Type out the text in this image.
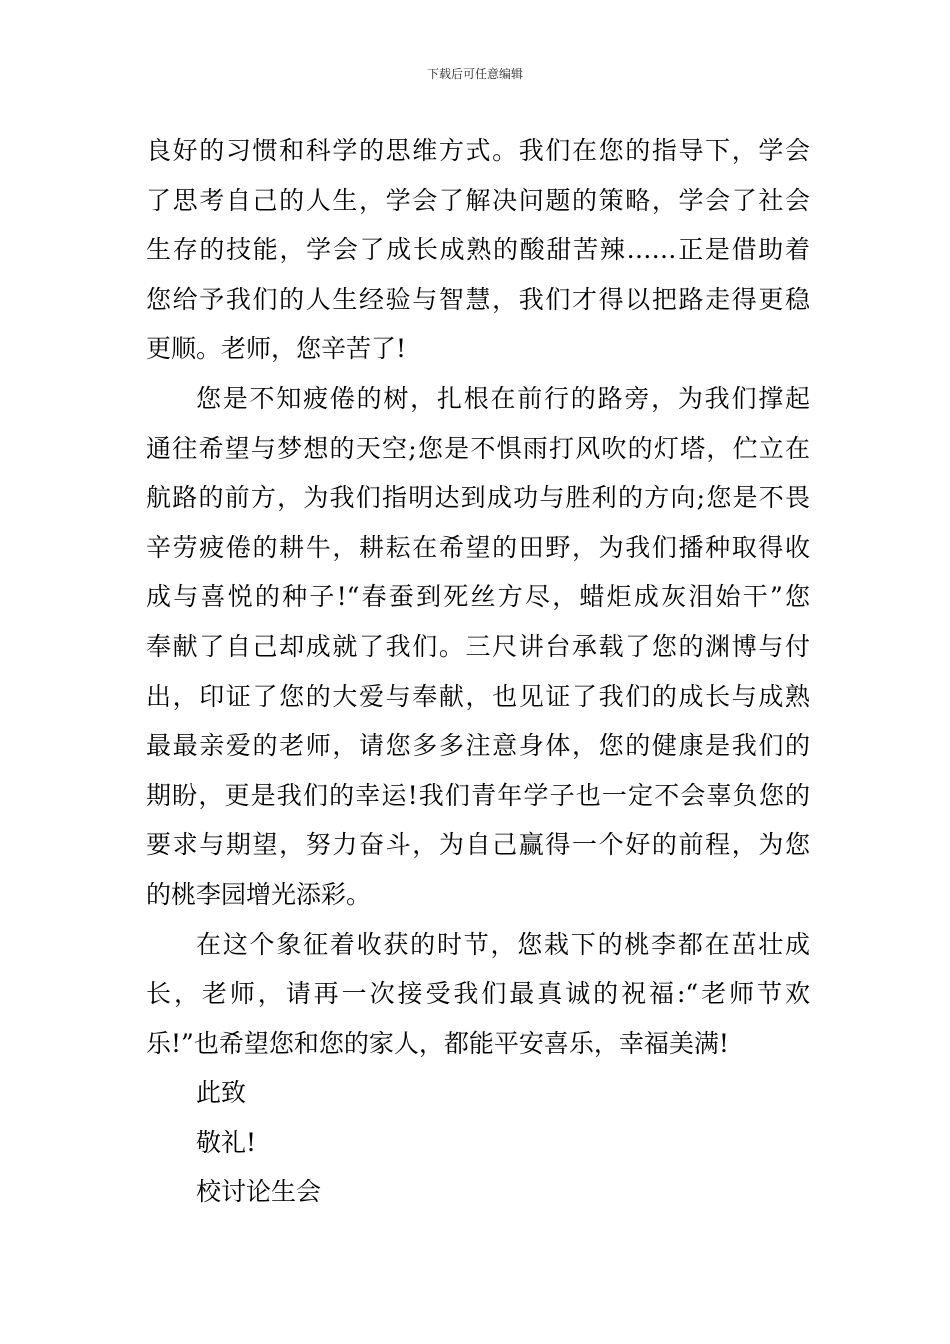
下载后可任意编辑
良好的习惯和科学的思维方式。我们在您的指导下，学会
了思考自己的人生，学会了解决问题的策略，学会了社会
生存的技能，学会了成长成熟的酸甜苦辣……正是借助着
您给予我们的人生经验与智慧，我们才得以把路走得更稳
更顺。老师，您辛苦了!
您是不知疲倦的树，扎根在前行的路旁，为我们撑起
通往希望与梦想的天空;您是不惧雨打风吹的灯塔，伫立在
航路的前方，为我们指明达到成功与胜利的方向;您是不畏
辛劳疲倦的耕牛，耕耘在希望的田野，为我们播种取得收
成与喜悦的种子!“春蚕到死丝方尽，蜡炬成灰泪始干”您
奉献了自己却成就了我们。三尺讲台承载了您的渊博与付
出，印证了您的大爱与奉献，也见证了我们的成长与成熟
最最亲爱的老师，请您多多注意身体，您的健康是我们的
期盼，更是我们的幸运!我们青年学子也一定不会辜负您的
要求与期望，努力奋斗，为自己赢得一个好的前程，为您
的桃李园增光添彩。
在这个象征着收获的时节，您栽下的桃李都在茁壮成
长，老师，请再一次接受我们最真诚的祝福:“老师节欢
乐!”也希望您和您的家人，都能平安喜乐，幸福美满!
此致
敬礼!
校讨论生会
